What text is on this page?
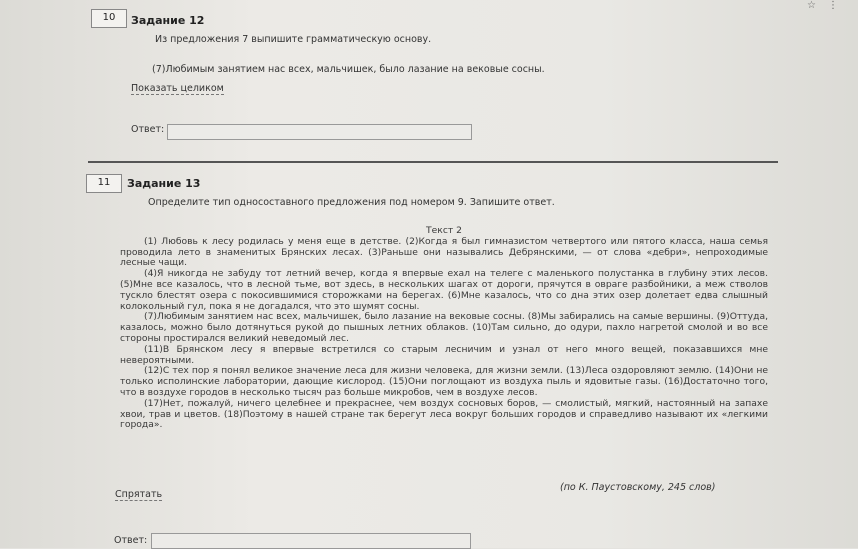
☆⋮
10	Задание 12
Из предложения 7 выпишите грамматическую основу.
(7)Любимым занятием нас всех, мальчишек, было лазание на вековые сосны.
Показать целиком
Ответ:
11	Задание 13
Определите тип односоставного предложения под номером 9. Запишите ответ.
Текст 2

(1) Любовь к лесу родилась у меня еще в детстве. (2)Когда я был гимназистом четвертого или пятого класса, наша семья проводила лето в знаменитых Брянских лесах. (3)Раньше они назывались Дебрянскими, — от слова «дебри», непроходимые лесные чащи.

(4)Я никогда не забуду тот летний вечер, когда я впервые ехал на телеге с маленького полустанка в глубину этих лесов. (5)Мне все казалось, что в лесной тьме, вот здесь, в нескольких шагах от дороги, прячутся в овраге разбойники, а меж стволов тускло блестят озера с покосившимися сторожками на берегах. (6)Мне казалось, что со дна этих озер долетает едва слышный колокольный гул, пока я не догадался, что это шумят сосны.

(7)Любимым занятием нас всех, мальчишек, было лазание на вековые сосны. (8)Мы забирались на самые вершины. (9)Оттуда, казалось, можно было дотянуться рукой до пышных летних облаков. (10)Там сильно, до одури, пахло нагретой смолой и во все стороны простирался великий неведомый лес.

(11)В Брянском лесу я впервые встретился со старым лесничим и узнал от него много вещей, показавшихся мне невероятными.

(12)С тех пор я понял великое значение леса для жизни человека, для жизни земли. (13)Леса оздоровляют землю. (14)Они не только исполинские лаборатории, дающие кислород. (15)Они поглощают из воздуха пыль и ядовитые газы. (16)Достаточно того, что в воздухе городов в несколько тысяч раз больше микробов, чем в воздухе лесов.

(17)Нет, пожалуй, ничего целебнее и прекраснее, чем воздух сосновых боров, — смолистый, мягкий, настоянный на запахе хвои, трав и цветов. (18)Поэтому в нашей стране так берегут леса вокруг больших городов и справедливо называют их «легкими города».

(по К. Паустовскому, 245 слов)
Спрятать
Ответ:
